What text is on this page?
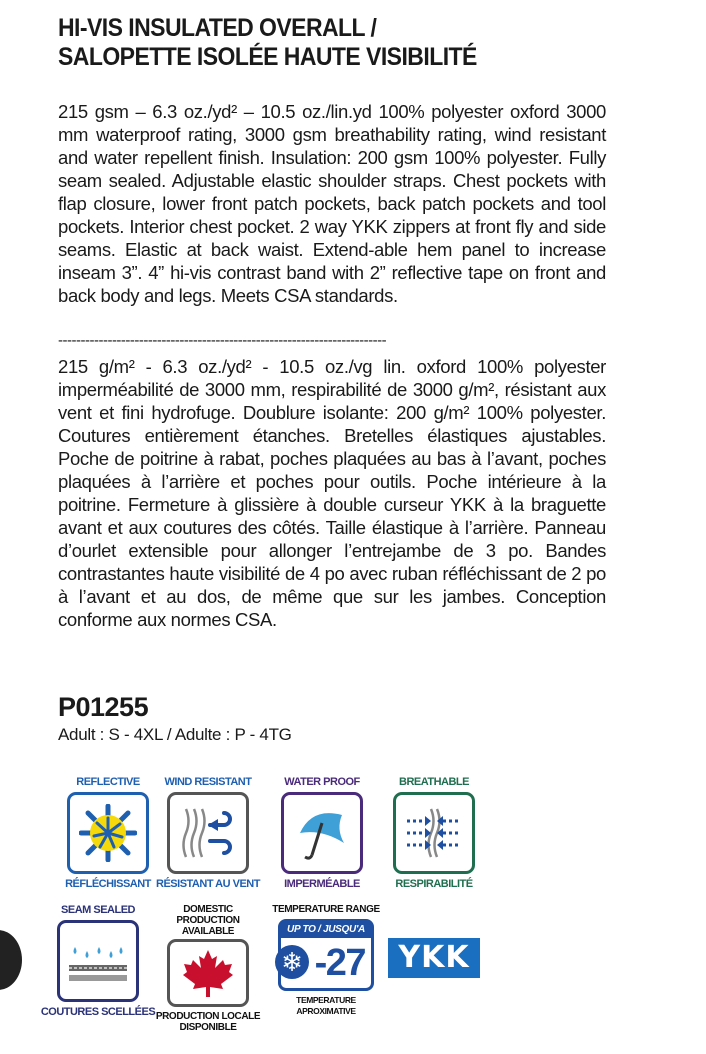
HI-VIS INSULATED OVERALL /
SALOPETTE ISOLÉE HAUTE VISIBILITÉ

215 gsm – 6.3 oz./yd² – 10.5 oz./lin.yd 100% polyester oxford 3000 mm waterproof rating, 3000 gsm breathability rating, wind resistant and water repellent finish. Insulation: 200 gsm 100% polyester. Fully seam sealed. Adjustable elastic shoulder straps. Chest pockets with flap closure, lower front patch pockets, back patch pockets and tool pockets. Interior chest pocket. 2 way YKK zippers at front fly and side seams. Elastic at back waist. Extend-able hem panel to increase inseam 3”. 4” hi-vis contrast band with 2” reflective tape on front and back body and legs. Meets CSA standards.

-------------------------------------------------------------------------

215 g/m² - 6.3 oz./yd² - 10.5 oz./vg lin. oxford 100% polyester imperméabilité de 3000 mm, respirabilité de 3000 g/m², résistant aux vent et fini hydrofuge. Doublure isolante: 200 g/m² 100% polyester. Coutures entièrement étanches. Bretelles élastiques ajustables. Poche de poitrine à rabat, poches plaquées au bas à l’avant, poches plaquées à l’arrière et poches pour outils. Poche intérieure à la poitrine. Fermeture à glissière à double curseur YKK à la braguette avant et aux coutures des côtés. Taille élastique à l’arrière. Panneau d’ourlet extensible pour allonger l’entrejambe de 3 po. Bandes contrastantes haute visibilité de 4 po avec ruban réfléchissant de 2 po à l’avant et au dos, de même que sur les jambes. Conception conforme aux normes CSA.

P01255
Adult : S - 4XL / Adulte : P - 4TG
REFLECTIVE
RÉFLÉCHISSANT
WIND RESISTANT
RÉSISTANT AU VENT
WATER PROOF
IMPERMÉABLE
BREATHABLE
RESPIRABILITÉ
SEAM SEALED
COUTURES SCELLÉES
DOMESTIC PRODUCTION AVAILABLE
PRODUCTION LOCALE DISPONIBLE
TEMPERATURE RANGE
UP TO / JUSQU'A
❄ -27
TEMPERATURE APROXIMATIVE
YKK
